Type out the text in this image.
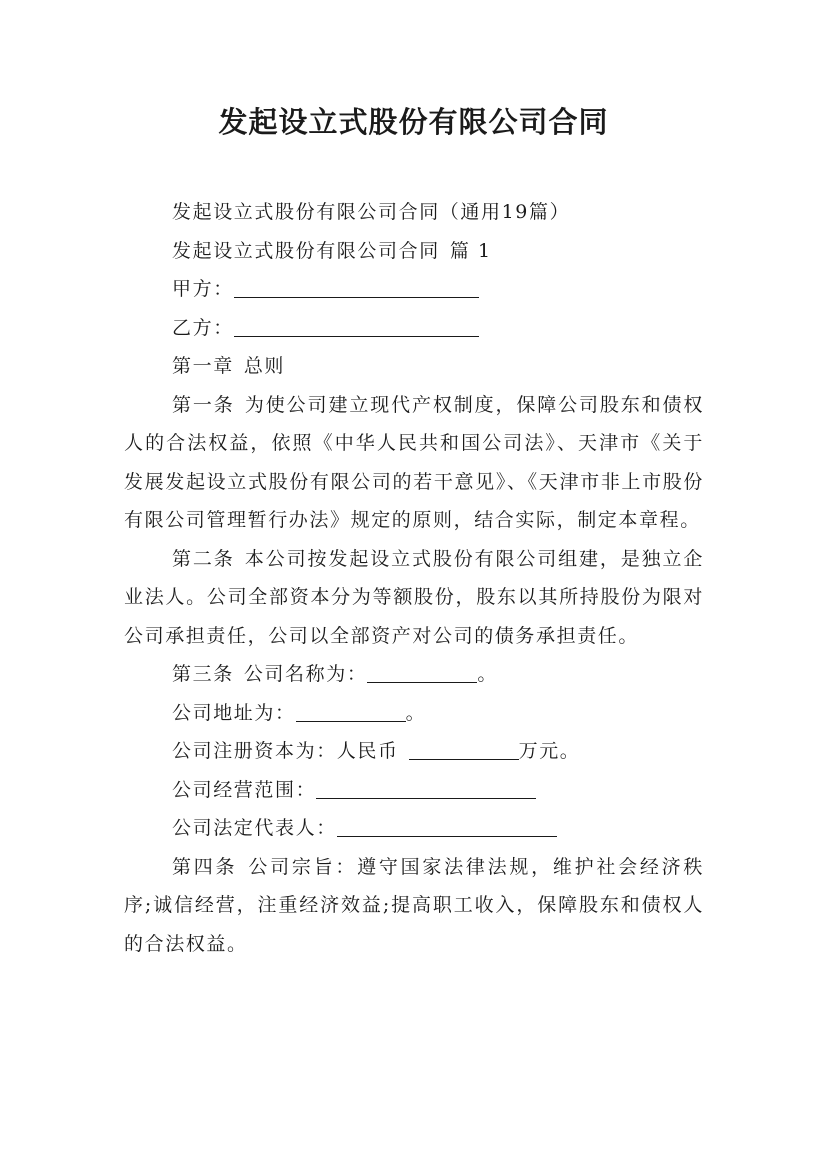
发起设立式股份有限公司合同
发起设立式股份有限公司合同（通用19篇）
发起设立式股份有限公司合同 篇 1
甲方：
乙方：
第一章 总则

第一条 为使公司建立现代产权制度，保障公司股东和债权人的合法权益，依照《中华人民共和国公司法》、天津市《关于发展发起设立式股份有限公司的若干意见》、《天津市非上市股份有限公司管理暂行办法》规定的原则，结合实际，制定本章程。

第二条 本公司按发起设立式股份有限公司组建，是独立企业法人。公司全部资本分为等额股份，股东以其所持股份为限对公司承担责任，公司以全部资产对公司的债务承担责任。

第三条 公司名称为：	。
公司地址为：	。
公司注册资本为：人民币	万元。
公司经营范围：
公司法定代表人：

第四条 公司宗旨：遵守国家法律法规，维护社会经济秩序;诚信经营，注重经济效益;提高职工收入，保障股东和债权人的合法权益。
